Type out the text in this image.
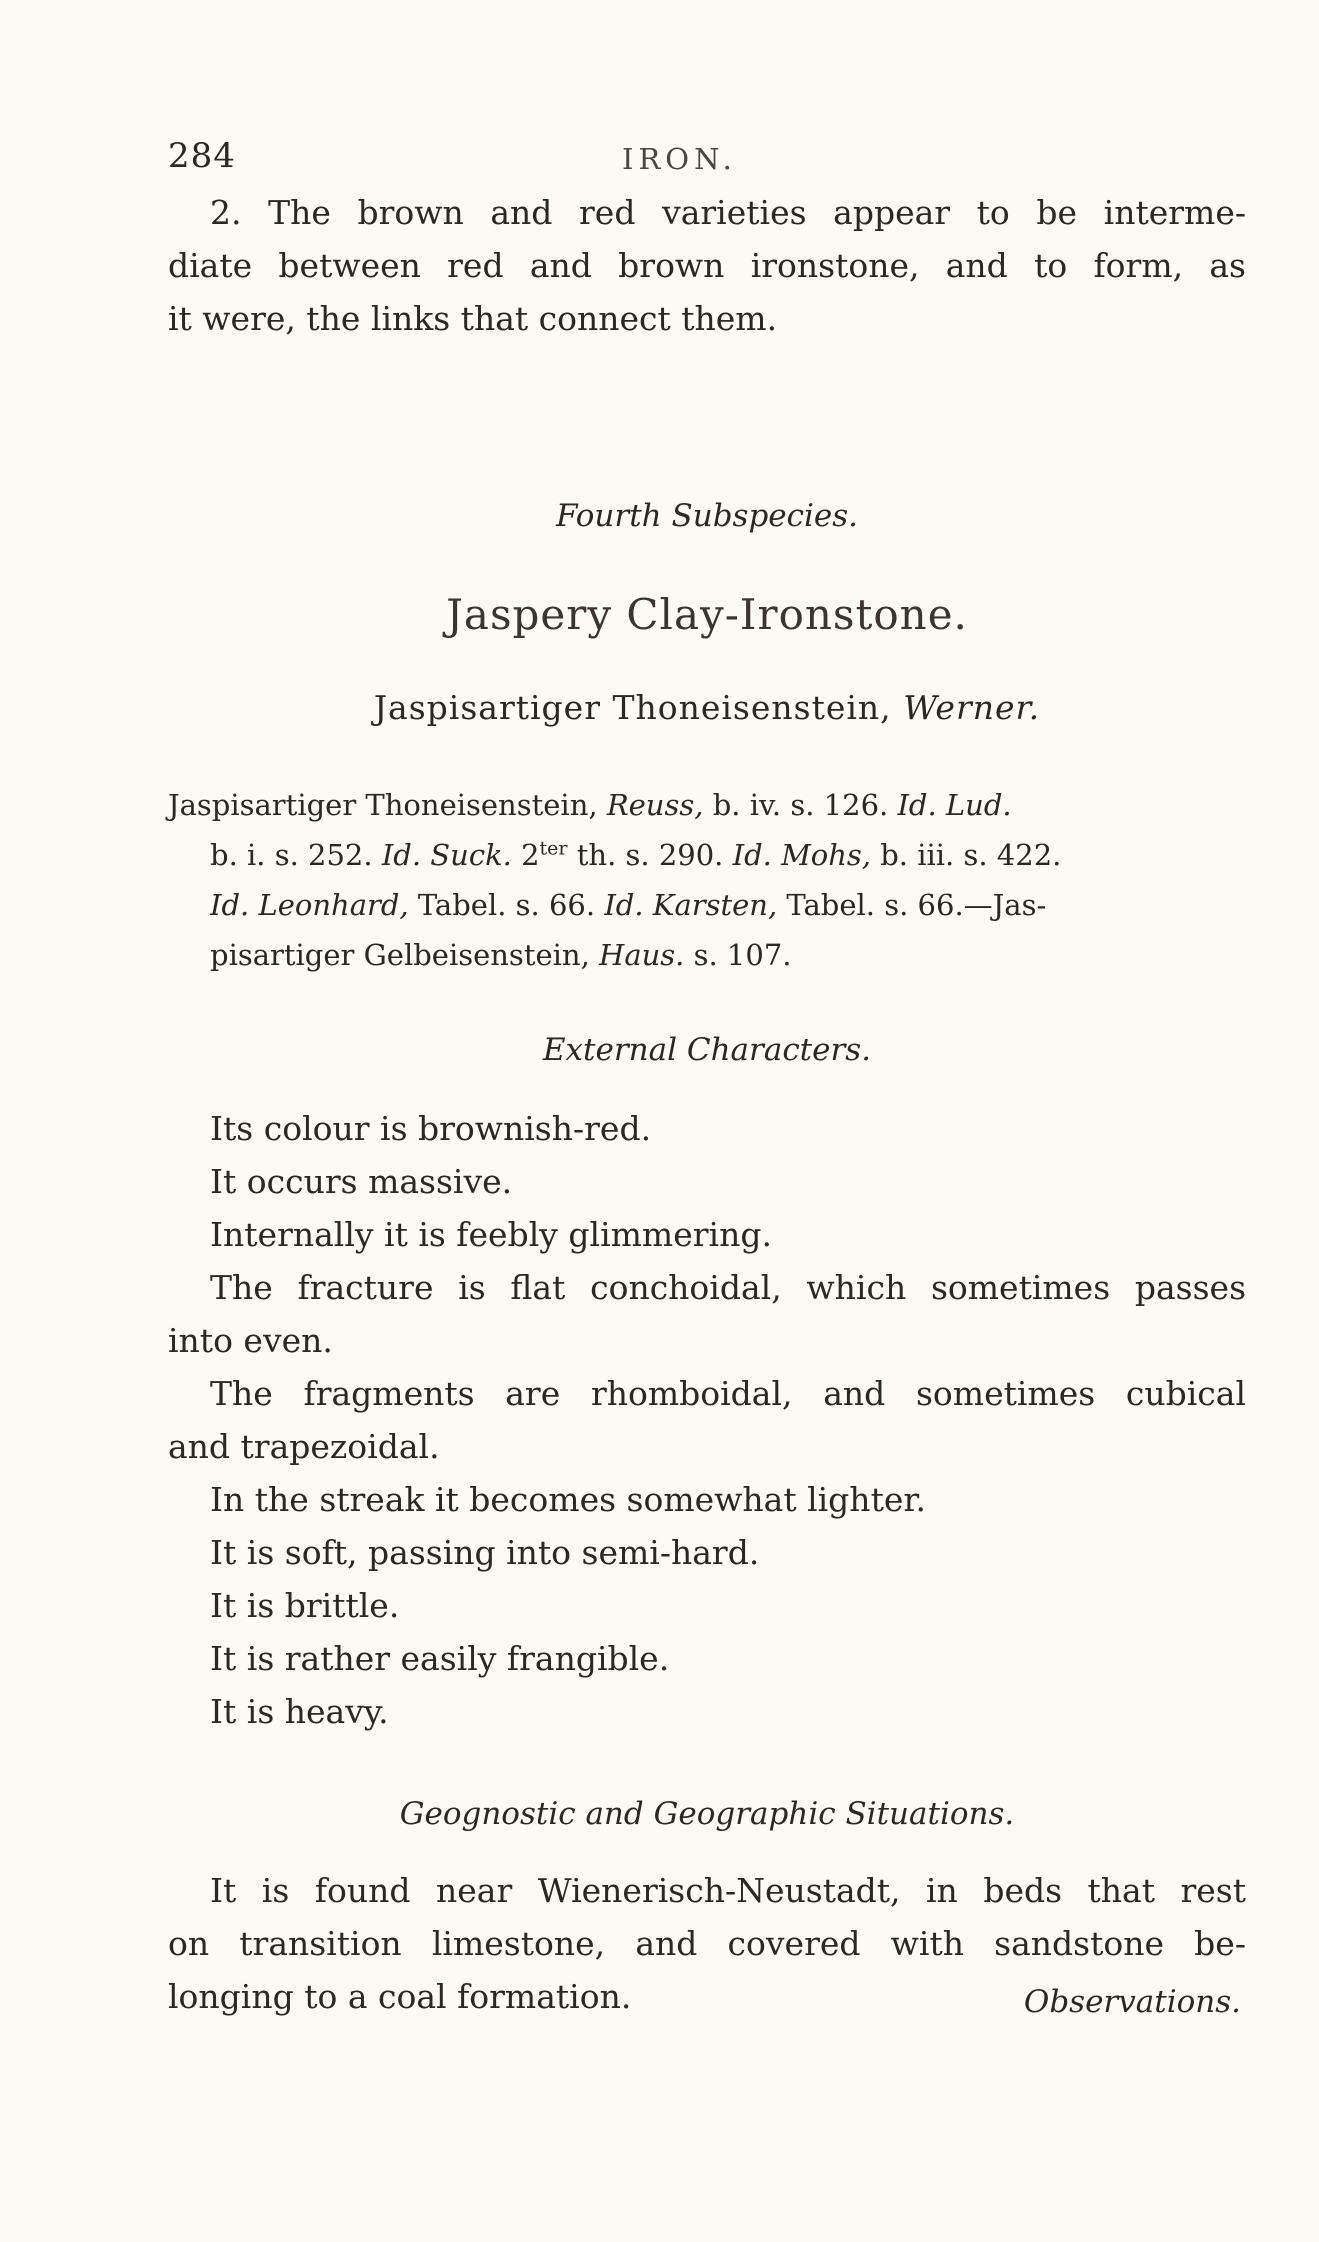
284	IRON.
2. The brown and red varieties appear to be interme-
diate between red and brown ironstone, and to form, as
it were, the links that connect them.
Fourth Subspecies.
Jaspery Clay-Ironstone.
Jaspisartiger Thoneisenstein, Werner.
Jaspisartiger Thoneisenstein, Reuss, b. iv. s. 126. Id. Lud.
b. i. s. 252. Id. Suck. $2^{ter}$ th. s. 290. Id. Mohs, b. iii. s. 422.
Id. Leonhard, Tabel. s. 66. Id. Karsten, Tabel. s. 66.—Jas-
pisartiger Gelbeisenstein, Haus. s. 107.
External Characters.
Its colour is brownish-red.
It occurs massive.
Internally it is feebly glimmering.
The fracture is flat conchoidal, which sometimes passes
into even.
The fragments are rhomboidal, and sometimes cubical
and trapezoidal.
In the streak it becomes somewhat lighter.
It is soft, passing into semi-hard.
It is brittle.
It is rather easily frangible.
It is heavy.
Geognostic and Geographic Situations.
It is found near Wienerisch-Neustadt, in beds that rest
on transition limestone, and covered with sandstone be-
longing to a coal formation.	Observations.
